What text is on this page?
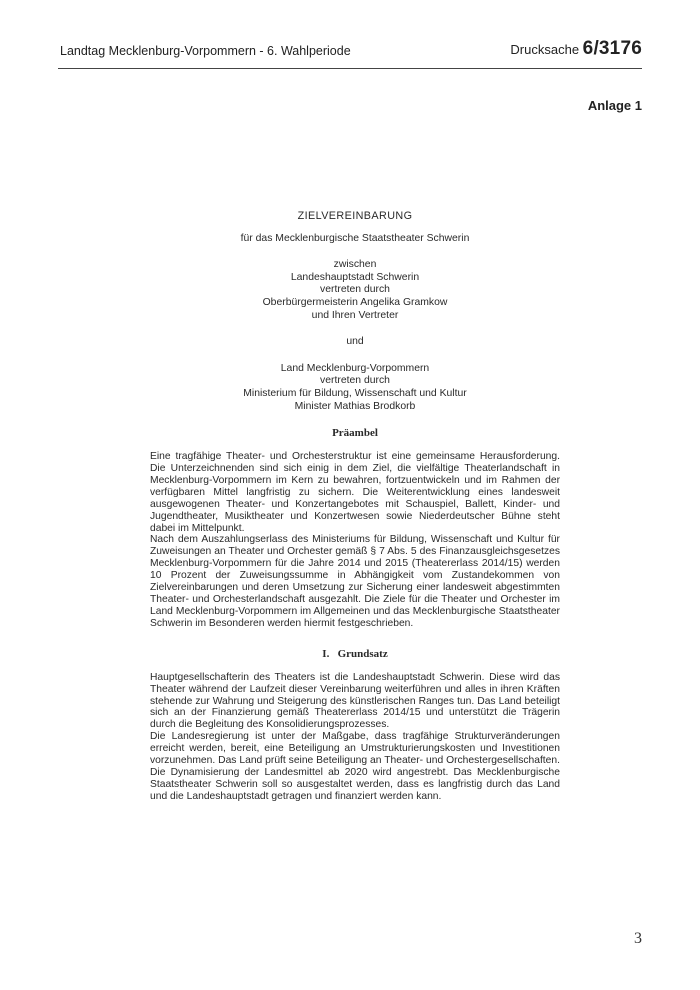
Landtag Mecklenburg-Vorpommern - 6. Wahlperiode	Drucksache 6/3176
Anlage 1
ZIELVEREINBARUNG
für das Mecklenburgische Staatstheater Schwerin
zwischen
Landeshauptstadt Schwerin
vertreten durch
Oberbürgermeisterin Angelika Gramkow
und Ihren Vertreter
und
Land Mecklenburg-Vorpommern
vertreten durch
Ministerium für Bildung, Wissenschaft und Kultur
Minister Mathias Brodkorb
Präambel

Eine tragfähige Theater- und Orchesterstruktur ist eine gemeinsame Herausforderung. Die Unterzeichnenden sind sich einig in dem Ziel, die vielfältige Theaterlandschaft in Mecklenburg-Vorpommern im Kern zu bewahren, fortzuentwickeln und im Rahmen der verfügbaren Mittel langfristig zu sichern. Die Weiterentwicklung eines landesweit ausgewogenen Theater- und Konzertangebotes mit Schauspiel, Ballett, Kinder- und Jugendtheater, Musiktheater und Konzertwesen sowie Niederdeutscher Bühne steht dabei im Mittelpunkt.

Nach dem Auszahlungserlass des Ministeriums für Bildung, Wissenschaft und Kultur für Zuweisungen an Theater und Orchester gemäß § 7 Abs. 5 des Finanzausgleichsgesetzes Mecklenburg-Vorpommern für die Jahre 2014 und 2015 (Theatererlass 2014/15) werden 10 Prozent der Zuweisungssumme in Abhängigkeit vom Zustandekommen von Zielvereinbarungen und deren Umsetzung zur Sicherung einer landesweit abgestimmten Theater- und Orchesterlandschaft ausgezahlt. Die Ziele für die Theater und Orchester im Land Mecklenburg-Vorpommern im Allgemeinen und das Mecklenburgische Staatstheater Schwerin im Besonderen werden hiermit festgeschrieben.

I.   Grundsatz

Hauptgesellschafterin des Theaters ist die Landeshauptstadt Schwerin. Diese wird das Theater während der Laufzeit dieser Vereinbarung weiterführen und alles in ihren Kräften stehende zur Wahrung und Steigerung des künstlerischen Ranges tun. Das Land beteiligt sich an der Finanzierung gemäß Theatererlass 2014/15 und unterstützt die Trägerin durch die Begleitung des Konsolidierungsprozesses.

Die Landesregierung ist unter der Maßgabe, dass tragfähige Strukturveränderungen erreicht werden, bereit, eine Beteiligung an Umstrukturierungskosten und Investitionen vorzunehmen. Das Land prüft seine Beteiligung an Theater- und Orchestergesellschaften. Die Dynamisierung der Landesmittel ab 2020 wird angestrebt. Das Mecklenburgische Staatstheater Schwerin soll so ausgestaltet werden, dass es langfristig durch das Land und die Landeshauptstadt getragen und finanziert werden kann.

3
